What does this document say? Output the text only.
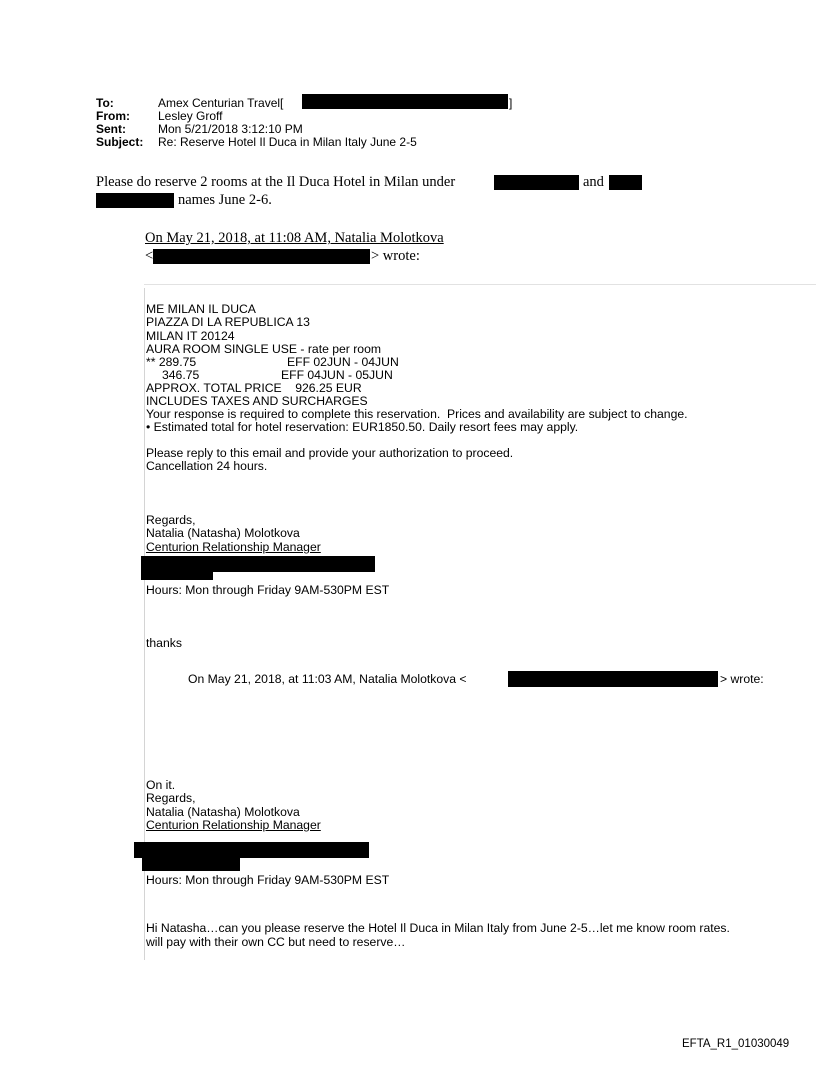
To:	Amex Centurian Travel[	]
From: Lesley Groff
Sent:	Mon 5/21/2018 3:12:10 PM
Subject: Re: Reserve Hotel Il Duca in Milan Italy June 2-5
Please do reserve 2 rooms at the Il Duca Hotel in Milan under	and
names June 2-6.
On May 21, 2018, at 11:08 AM, Natalia Molotkova
<	> wrote:
ME MILAN IL DUCA
PIAZZA DI LA REPUBLICA 13
MILAN IT 20124
AURA ROOM SINGLE USE - rate per room
** 289.75	EFF 02JUN - 04JUN
346.75	EFF 04JUN - 05JUN
APPROX. TOTAL PRICE    926.25 EUR
INCLUDES TAXES AND SURCHARGES
Your response is required to complete this reservation.  Prices and availability are subject to change.
• Estimated total for hotel reservation: EUR1850.50. Daily resort fees may apply.
Please reply to this email and provide your authorization to proceed.
Cancellation 24 hours.
Regards,
Natalia (Natasha) Molotkova
Centurion Relationship Manager
Hours: Mon through Friday 9AM-530PM EST
thanks
On May 21, 2018, at 11:03 AM, Natalia Molotkova <	> wrote:
On it.
Regards,
Natalia (Natasha) Molotkova
Centurion Relationship Manager
Hours: Mon through Friday 9AM-530PM EST
Hi Natasha…can you please reserve the Hotel Il Duca in Milan Italy from June 2-5…let me know room rates.
will pay with their own CC but need to reserve…
EFTA_R1_01030049
